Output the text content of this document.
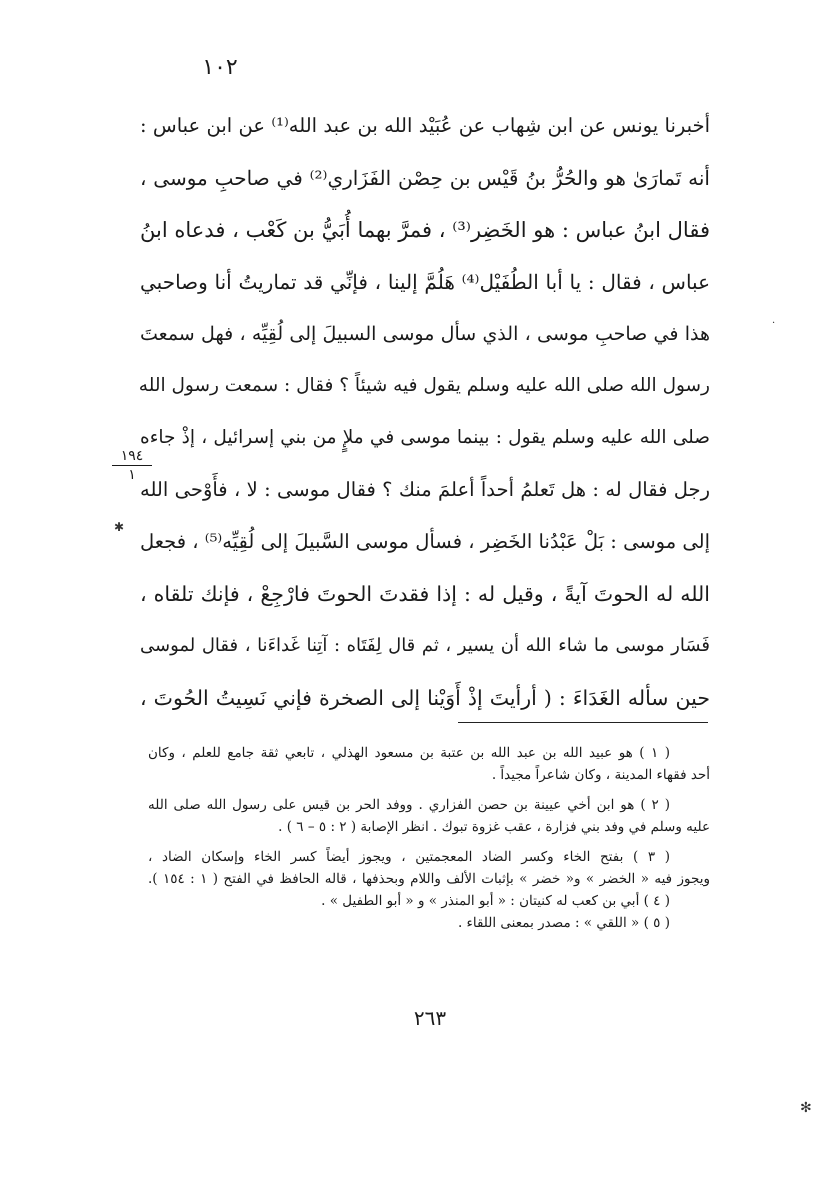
١٠٢
أخبرنا يونس عن ابن شِهاب عن عُبَيْد الله بن عبد الله⁽¹⁾ عن ابن عباس :
أنه تَمارَىٰ هو والحُرُّ بنُ قَيْس بن حِصْن الفَزَاري⁽²⁾ في صاحبِ موسى ،
فقال ابنُ عباس : هو الخَضِر⁽³⁾ ، فمرَّ بهما أُبَيُّ بن كَعْب ، فدعاه ابنُ
عباس ، فقال : يا أبا الطُفَيْل⁽⁴⁾ هَلُمَّ إلينا ، فإنِّي قد تماريتُ أنا وصاحبي
هذا في صاحبِ موسى ، الذي سأل موسى السبيلَ إلى لُقِيِّه ، فهل سمعتَ
رسول الله صلى الله عليه وسلم يقول فيه شيئاً ؟ فقال : سمعت رسول الله
صلى الله عليه وسلم يقول : بينما موسى في ملإٍ من بني إسرائيل ، إذْ جاءه
رجل فقال له : هل تَعلمُ أحداً أعلمَ منك ؟ فقال موسى : لا ، فأَوْحى الله
إلى موسى : بَلْ عَبْدُنا الخَضِر ، فسأل موسى السَّبيلَ إلى لُقِيِّه⁽⁵⁾ ، فجعل
الله له الحوتَ آيةً ، وقيل له : إذا فقدتَ الحوتَ فارْجِعْ ، فإنك تلقاه ،
فَسَار موسى ما شاء الله أن يسير ، ثم قال لِفَتَاه : آتِنا غَداءَنا ، فقال لموسى
حين سأله الغَدَاءَ : ( أرأيتَ إذْ أَوَيْنا إلى الصخرة فإني نَسِيتُ الحُوتَ ،
١٩٤
١
✱
·
✻
( ١ ) هو عبيد الله بن عبد الله بن عتبة بن مسعود الهذلي ، تابعي ثقة جامع للعلم ، وكان
أحد فقهاء المدينة ، وكان شاعراً مجيداً .
( ٢ ) هو ابن أخي عيينة بن حصن الفزاري . ووفد الحر بن قيس على رسول الله صلى الله
عليه وسلم في وفد بني فزارة ، عقب غزوة تبوك . انظر الإصابة ( ٢ : ٥ – ٦ ) .
( ٣ ) بفتح الخاء وكسر الضاد المعجمتين ، ويجوز أيضاً كسر الخاء وإسكان الضاد ،
ويجوز فيه « الخضر » و« خضر » بإثبات الألف واللام وبحذفها ، قاله الحافظ في الفتح ( ١ : ١٥٤ ).
( ٤ ) أبي بن كعب له كنيتان : « أبو المنذر » و « أبو الطفيل » .
( ٥ ) « اللقي » : مصدر بمعنى اللقاء .
٢٦٣
